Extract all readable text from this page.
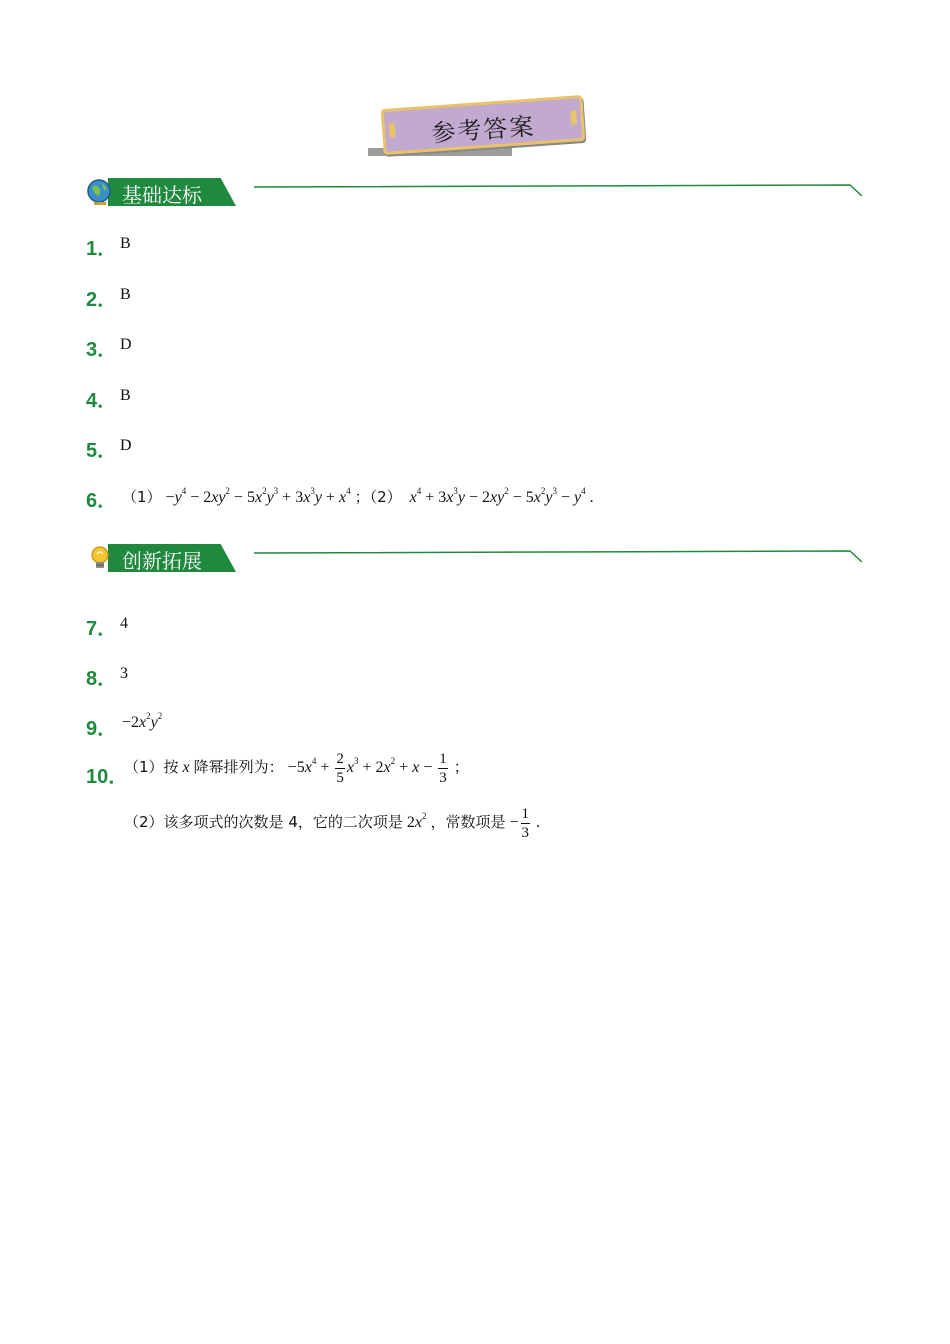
参考答案
基础达标
1． B
2． B
3． D
4． B
5． D
6． $(1) -y^4 - 2xy^2 - 5x^2y^3 + 3x^3y + x^4$ ；（2） $x^4 + 3x^3y - 2xy^2 - 5x^2y^3 - y^4$ .
创新拓展
7． 4
8． 3
9． $-2x^2y^2$
10．
（1）按 x 降幂排列为： $-5x^4 + \frac{2}{5} x^3 + 2x^2 + x - \frac{1}{3}$ ；
（2）该多项式的次数是 4，它的二次项是 $2x^2$ ，常数项是 − $\frac{1}{3}$ .
